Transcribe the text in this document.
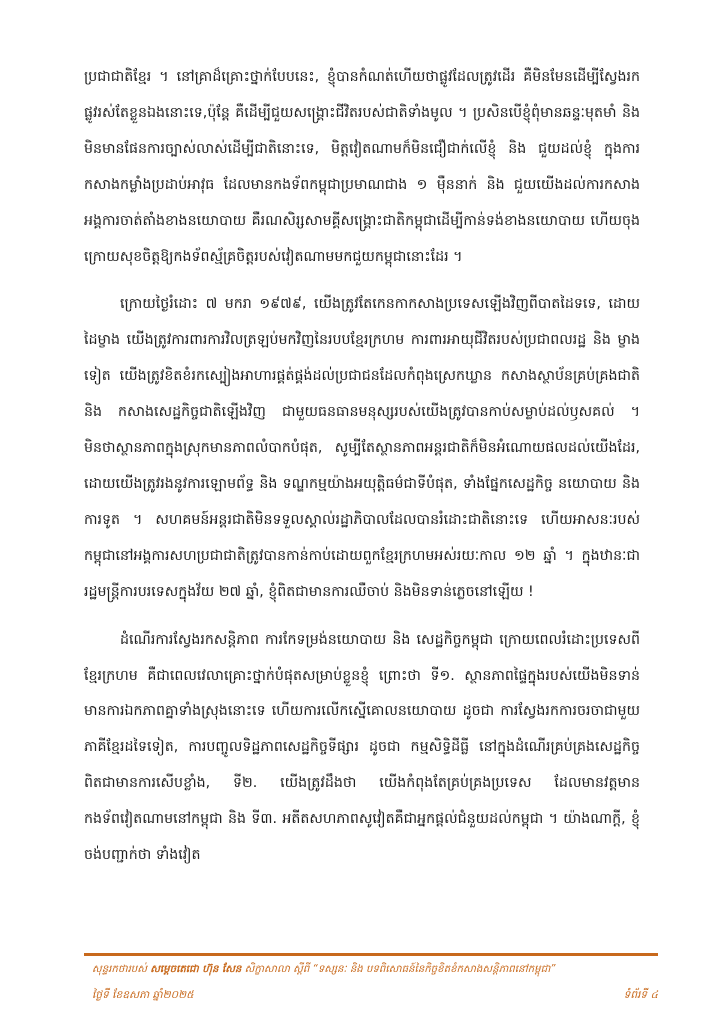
ប្រជាជាតិខ្មែរ ។ នៅគ្រាដ៏គ្រោះថ្នាក់បែបនេះ, ខ្ញុំបានកំណត់ហើយថាផ្លូវដែលត្រូវដើរ គឺមិនមែនដើម្បីស្វែងរកផ្លូវរស់តែខ្លួនឯងនោះទេ,ប៉ុន្តែ គឺដើម្បីជួយសង្គ្រោះជីវិតរបស់ជាតិទាំងមូល ។ ប្រសិនបើខ្ញុំពុំមានឆន្ទៈមុតមាំ និងមិនមានផែនការច្បាស់លាស់ដើម្បីជាតិនោះទេ, មិត្តវៀតណាមក៏មិនជឿជាក់លើខ្ញុំ និង ជួយដល់ខ្ញុំ ក្នុងការកសាងកម្លាំងប្រដាប់អាវុធ ដែលមានកងទ័ពកម្ពុជាប្រមាណជាង ១ ម៉ឺននាក់ និង ជួយយើងដល់ការកសាងអង្គការចាត់តាំងខាងនយោបាយ គឺរណសិរ្សសាមគ្គីសង្គ្រោះជាតិកម្ពុជាដើម្បីកាន់ទង់ខាងនយោបាយ ហើយចុងក្រោយសុខចិត្តឱ្យកងទ័ពស្ម័គ្រចិត្តរបស់វៀតណាមមកជួយកម្ពុជានោះដែរ ។

ក្រោយថ្ងៃរំដោះ ៧ មករា ១៩៧៩, យើងត្រូវតែកេនកាកសាងប្រទេសឡើងវិញពីបាតដៃទទេ, ដោយ ដៃម្ខាង យើងត្រូវការពារការវិលត្រឡប់មកវិញនៃរបបខ្មែរក្រហម ការពារអាយុជីវិតរបស់ប្រជាពលរដ្ឋ និង ម្ខាងទៀត យើងត្រូវខិតខំរកស្បៀងអាហារផ្គត់ផ្គង់ដល់ប្រជាជនដែលកំពុងស្រេកឃ្លាន កសាងស្ថាប័នគ្រប់គ្រងជាតិ និង កសាងសេដ្ឋកិច្ចជាតិឡើងវិញ ជាមួយធនធានមនុស្សរបស់យើងត្រូវបានកាប់សម្លាប់ដល់ឫសគល់ ។ មិនថាស្ថានភាពក្នុងស្រុកមានភាពលំបាកបំផុត, សូម្បីតែស្ថានភាពអន្តរជាតិក៏មិនអំណោយផលដល់យើងដែរ, ដោយយើងត្រូវរងនូវការឡោមព័ទ្ធ និង ទណ្ឌកម្មយ៉ាងអយុត្តិធម៌ជាទីបំផុត, ទាំងផ្នែកសេដ្ឋកិច្ច នយោបាយ និង ការទូត ។ សហគមន៍អន្តរជាតិមិនទទួលស្គាល់រដ្ឋាភិបាលដែលបានរំដោះជាតិនោះទេ ហើយអាសនៈរបស់កម្ពុជានៅអង្គការសហប្រជាជាតិត្រូវបានកាន់កាប់ដោយពួកខ្មែរក្រហមអស់រយៈកាល ១២ ឆ្នាំ ។ ក្នុងឋានៈជារដ្ឋមន្ត្រីការបរទេសក្នុងវ័យ ២៧ ឆ្នាំ, ខ្ញុំពិតជាមានការឈឺចាប់ និងមិនទាន់ភ្លេចនៅឡើយ !

ដំណើរការស្វែងរកសន្តិភាព ការកែទម្រង់នយោបាយ និង សេដ្ឋកិច្ចកម្ពុជា ក្រោយពេលរំដោះប្រទេសពីខ្មែរក្រហម គឺជាពេលវេលាគ្រោះថ្នាក់បំផុតសម្រាប់ខ្លួនខ្ញុំ ព្រោះថា ទី១. ស្ថានភាពផ្ទៃក្នុងរបស់យើងមិនទាន់មានការឯកភាពគ្នាទាំងស្រុងនោះទេ ហើយការលើកស្នើគោលនយោបាយ ដូចជា ការស្វែងរកការចរចាជាមួយភាគីខ្មែរដទៃទៀត, ការបញ្ចូលទិដ្ឋភាពសេដ្ឋកិច្ចទីផ្សារ ដូចជា កម្មសិទ្ធិដីធ្លី នៅក្នុងដំណើរគ្រប់គ្រងសេដ្ឋកិច្ច ពិតជាមានការសើបខ្លាំង, ទី២. យើងត្រូវដឹងថា យើងកំពុងតែគ្រប់គ្រងប្រទេស ដែលមានវត្តមានកងទ័ពវៀតណាមនៅកម្ពុជា និង ទី៣. អតីតសហភាពសូវៀតគឺជាអ្នកផ្តល់ជំនួយដល់កម្ពុជា ។ យ៉ាងណាក្តី, ខ្ញុំចង់បញ្ជាក់ថា ទាំងវៀត

សុន្ទរកថារបស់ សម្តេចតេជោ ហ៊ុន សែន សិក្ខាសាលា ស្តីពី “ទស្សនៈ និង បទពិសោធន៍នៃកិច្ចខិតខំកសាងសន្តិភាពនៅកម្ពុជា”
ថ្ងៃទី ខែឧសភា ឆ្នាំ២០២៥	ទំព័រទី ៤
